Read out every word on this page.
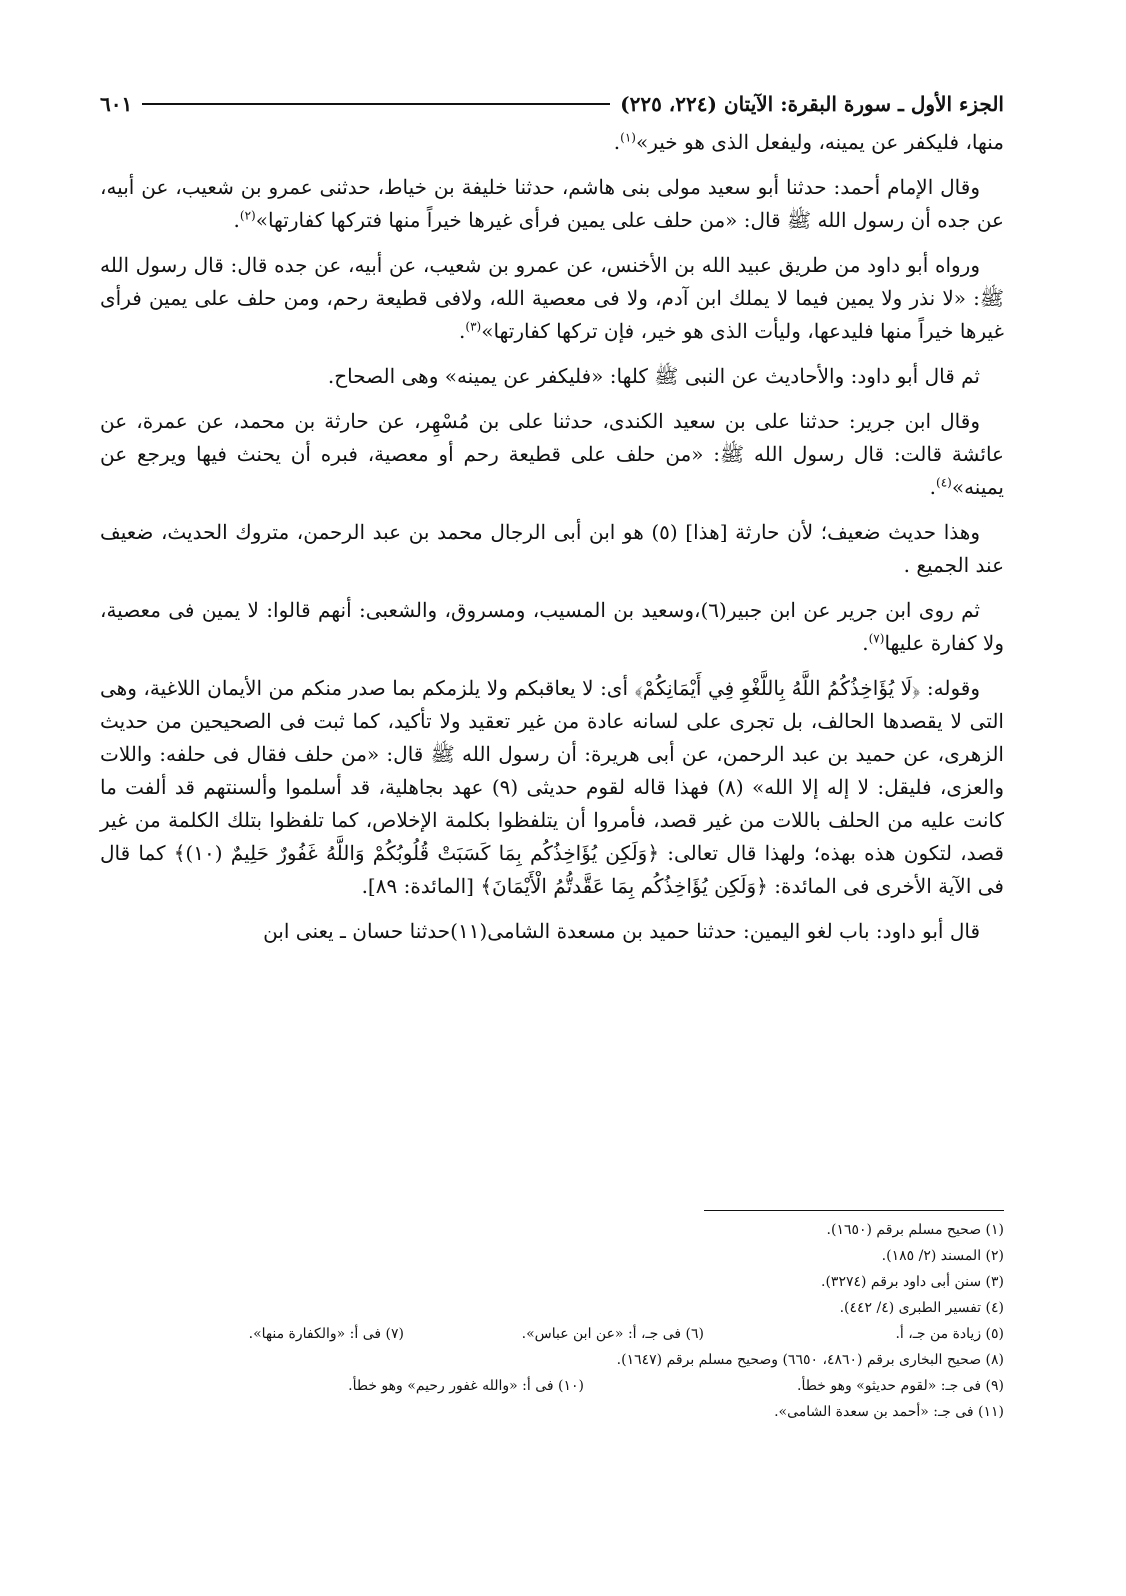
الجزء الأول ـ سورة البقرة: الآيتان (٢٢٤، ٢٢٥)
٦٠١

منها، فليكفر عن يمينه، وليفعل الذى هو خير»$^{(١)}$.

وقال الإمام أحمد: حدثنا أبو سعيد مولى بنى هاشم، حدثنا خليفة بن خياط، حدثنى عمرو بن شعيب، عن أبيه، عن جده أن رسول الله ﷺ قال: «من حلف على يمين فرأى غيرها خيراً منها فتركها كفارتها»$^{(٢)}$.

ورواه أبو داود من طريق عبيد الله بن الأخنس، عن عمرو بن شعيب، عن أبيه، عن جده قال: قال رسول الله ﷺ: «لا نذر ولا يمين فيما لا يملك ابن آدم، ولا فى معصية الله، ولافى قطيعة رحم، ومن حلف على يمين فرأى غيرها خيراً منها فليدعها، وليأت الذى هو خير، فإن تركها كفارتها»$^{(٣)}$.

ثم قال أبو داود: والأحاديث عن النبى ﷺ كلها: «فليكفر عن يمينه» وهى الصحاح.

وقال ابن جرير: حدثنا على بن سعيد الكندى، حدثنا على بن مُسْهِر، عن حارثة بن محمد، عن عمرة، عن عائشة قالت: قال رسول الله ﷺ: «من حلف على قطيعة رحم أو معصية، فبره أن يحنث فيها ويرجع عن يمينه»$^{(٤)}$.

وهذا حديث ضعيف؛ لأن حارثة [هذا] (٥) هو ابن أبى الرجال محمد بن عبد الرحمن، متروك الحديث، ضعيف عند الجميع .

ثم روى ابن جرير عن ابن جبير(٦)،وسعيد بن المسيب، ومسروق، والشعبى: أنهم قالوا: لا يمين فى معصية، ولا كفارة عليها$^{(٧)}$.

وقوله: ﴿لَا يُؤَاخِذُكُمُ اللَّهُ بِاللَّغْوِ فِي أَيْمَانِكُمْ﴾ أى: لا يعاقبكم ولا يلزمكم بما صدر منكم من الأيمان اللاغية، وهى التى لا يقصدها الحالف، بل تجرى على لسانه عادة من غير تعقيد ولا تأكيد، كما ثبت فى الصحيحين من حديث الزهرى، عن حميد بن عبد الرحمن، عن أبى هريرة: أن رسول الله ﷺ قال: «من حلف فقال فى حلفه: واللات والعزى، فليقل: لا إله إلا الله» (٨) فهذا قاله لقوم حديثى (٩) عهد بجاهلية، قد أسلموا وألسنتهم قد ألفت ما كانت عليه من الحلف باللات من غير قصد، فأمروا أن يتلفظوا بكلمة الإخلاص، كما تلفظوا بتلك الكلمة من غير قصد، لتكون هذه بهذه؛ ولهذا قال تعالى: ﴿وَلَكِن يُؤَاخِذُكُم بِمَا كَسَبَتْ قُلُوبُكُمْ وَاللَّهُ غَفُورٌ حَلِيمٌ (١٠)﴾ كما قال فى الآية الأخرى فى المائدة: ﴿وَلَكِن يُؤَاخِذُكُم بِمَا عَقَّدتُّمُ الْأَيْمَانَ﴾ [المائدة: ٨٩].

قال أبو داود: باب لغو اليمين: حدثنا حميد بن مسعدة الشامى(١١)حدثنا حسان ـ يعنى ابن

(١) صحيح مسلم برقم (١٦٥٠).
(٢) المسند (٢/ ١٨٥).
(٣) سنن أبى داود برقم (٣٢٧٤).
(٤) تفسير الطبرى (٤/ ٤٤٢).
(٥) زيادة من جـ، أ.
(٦) فى جـ، أ: «عن ابن عباس».
(٧) فى أ: «والكفارة منها».
(٨) صحيح البخارى برقم (٤٨٦٠، ٦٦٥٠) وصحيح مسلم برقم (١٦٤٧).
(٩) فى جـ: «لقوم حديثو» وهو خطأ.
(١٠) فى أ: «والله غفور رحيم» وهو خطأ.
(١١) فى جـ: «أحمد بن سعدة الشامى».
